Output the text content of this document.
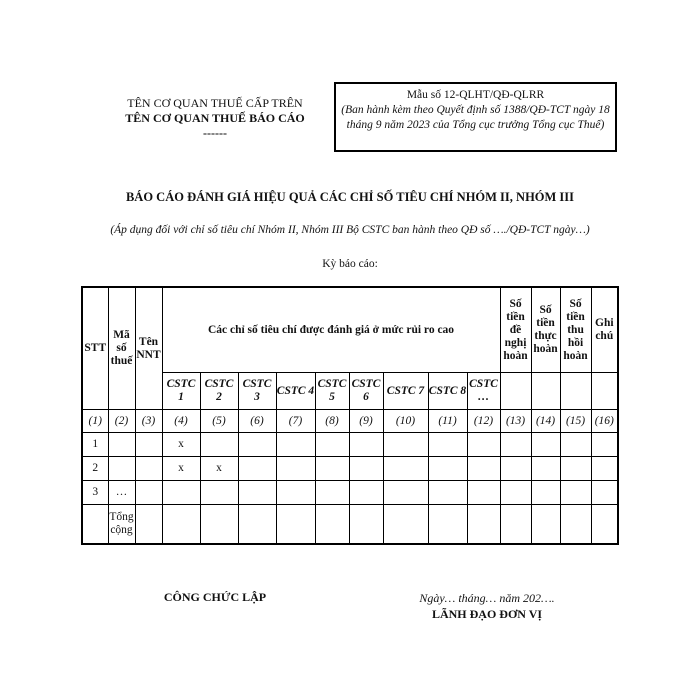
TÊN CƠ QUAN THUẾ CẤP TRÊN
TÊN CƠ QUAN THUẾ BÁO CÁO
------
Mẫu số 12-QLHT/QĐ-QLRR
(Ban hành kèm theo Quyết định số 1388/QĐ-TCT ngày 18 tháng 9 năm 2023 của Tổng cục trưởng Tổng cục Thuế)
BÁO CÁO ĐÁNH GIÁ HIỆU QUẢ CÁC CHỈ SỐ TIÊU CHÍ NHÓM II, NHÓM III
(Áp dụng đối với chỉ số tiêu chí Nhóm II, Nhóm III Bộ CSTC ban hành theo QĐ số …./QĐ-TCT ngày…)
Kỳ báo cáo:
STT	Mã số thuế	Tên NNT	Các chỉ số tiêu chí được đánh giá ở mức rủi ro cao									Số tiền đề nghị hoàn	Số tiền thực hoàn	Số tiền thu hồi hoàn	Ghi chú
			CSTC 1	CSTC 2	CSTC 3	CSTC 4	CSTC 5	CSTC 6	CSTC 7	CSTC 8	CSTC …				
(1)	(2)	(3)	(4)	(5)	(6)	(7)	(8)	(9)	(10)	(11)	(12)	(13)	(14)	(15)	(16)
1			x												
2			x	x											
3	…														
	Tổng cộng														
CÔNG CHỨC LẬP	Ngày… tháng… năm 202….
LÃNH ĐẠO ĐƠN VỊ
